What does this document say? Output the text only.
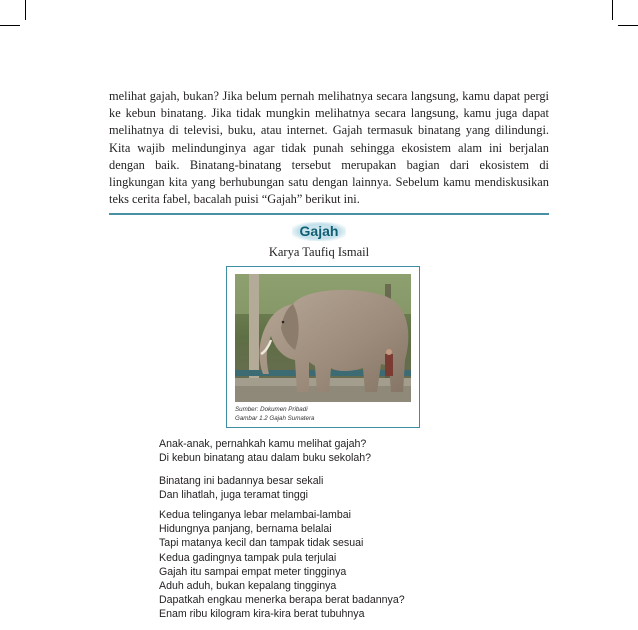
melihat gajah, bukan? Jika belum pernah melihatnya secara langsung, kamu dapat pergi ke kebun binatang. Jika tidak mungkin melihatnya secara langsung, kamu juga dapat melihatnya di televisi, buku, atau internet. Gajah termasuk binatang yang dilindungi. Kita wajib melindunginya agar tidak punah sehingga ekosistem alam ini berjalan dengan baik. Binatang-binatang tersebut merupakan bagian dari ekosistem di lingkungan kita yang berhubungan satu dengan lainnya. Sebelum kamu mendiskusikan teks cerita fabel, bacalah puisi “Gajah” berikut ini.

Gajah
Karya Taufiq Ismail
Sumber: Dokumen Pribadi
Gambar 1.2 Gajah Sumatera
Anak-anak, pernahkah kamu melihat gajah?
Di kebun binatang atau dalam buku sekolah?
Binatang ini badannya besar sekali
Dan lihatlah, juga teramat tinggi
Kedua telinganya lebar melambai-lambai
Hidungnya panjang, bernama belalai
Tapi matanya kecil dan tampak tidak sesuai
Kedua gadingnya tampak pula terjulai
Gajah itu sampai empat meter tingginya
Aduh aduh, bukan kepalang tingginya
Dapatkah engkau menerka berapa berat badannya?
Enam ribu kilogram kira-kira berat tubuhnya
